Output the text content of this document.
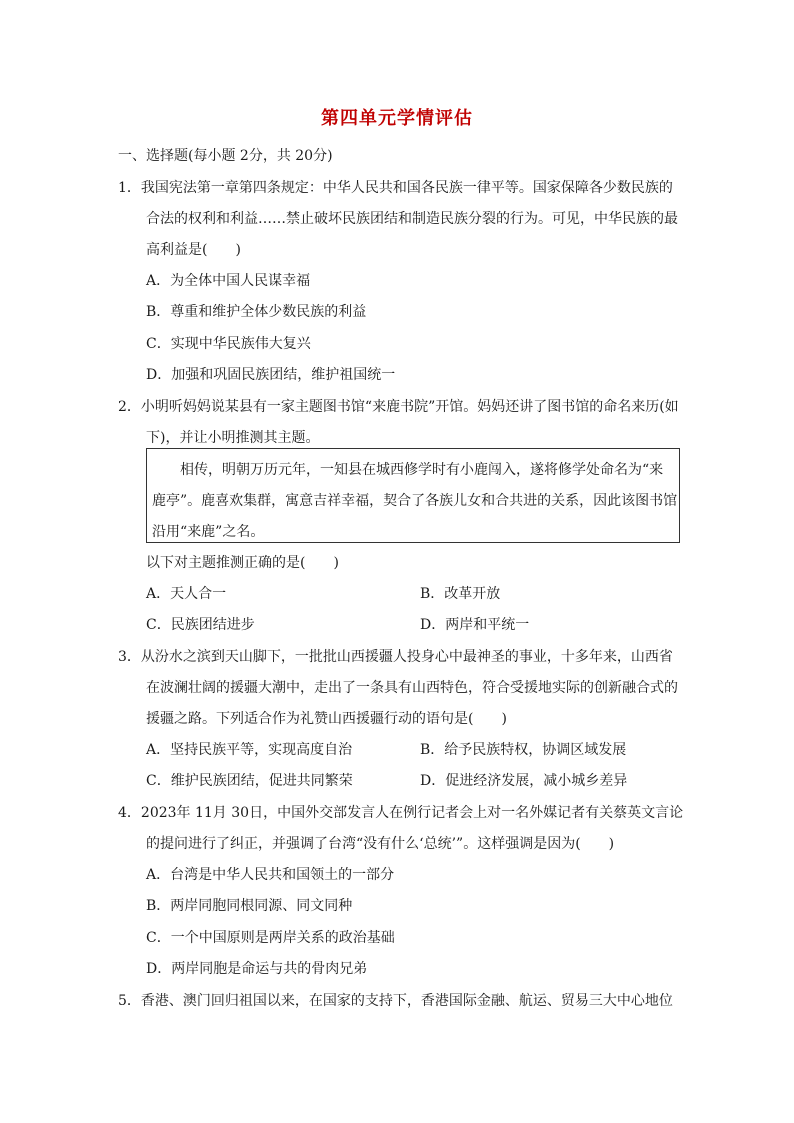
第四单元学情评估
一、选择题(每小题 2分，共 20分)
1．我国宪法第一章第四条规定：中华人民共和国各民族一律平等。国家保障各少数民族的
合法的权利和利益……禁止破坏民族团结和制造民族分裂的行为。可见，中华民族的最
高利益是(　　)
A．为全体中国人民谋幸福
B．尊重和维护全体少数民族的利益
C．实现中华民族伟大复兴
D．加强和巩固民族团结，维护祖国统一
2．小明听妈妈说某县有一家主题图书馆“来鹿书院”开馆。妈妈还讲了图书馆的命名来历(如
下)，并让小明推测其主题。
相传，明朝万历元年，一知县在城西修学时有小鹿闯入，遂将修学处命名为“来
鹿亭”。鹿喜欢集群，寓意吉祥幸福，契合了各族儿女和合共进的关系，因此该图书馆
沿用“来鹿”之名。
以下对主题推测正确的是(　　)
A．天人合一	B．改革开放
C．民族团结进步	D．两岸和平统一
3．从汾水之滨到天山脚下，一批批山西援疆人投身心中最神圣的事业，十多年来，山西省
在波澜壮阔的援疆大潮中，走出了一条具有山西特色，符合受援地实际的创新融合式的
援疆之路。下列适合作为礼赞山西援疆行动的语句是(　　)
A．坚持民族平等，实现高度自治	B．给予民族特权，协调区域发展
C．维护民族团结，促进共同繁荣	D．促进经济发展，减小城乡差异
4．2023年 11月 30日，中国外交部发言人在例行记者会上对一名外媒记者有关蔡英文言论
的提问进行了纠正，并强调了台湾“没有什么‘总统’”。这样强调是因为(　　)
A．台湾是中华人民共和国领土的一部分
B．两岸同胞同根同源、同文同种
C．一个中国原则是两岸关系的政治基础
D．两岸同胞是命运与共的骨肉兄弟
5．香港、澳门回归祖国以来，在国家的支持下，香港国际金融、航运、贸易三大中心地位
